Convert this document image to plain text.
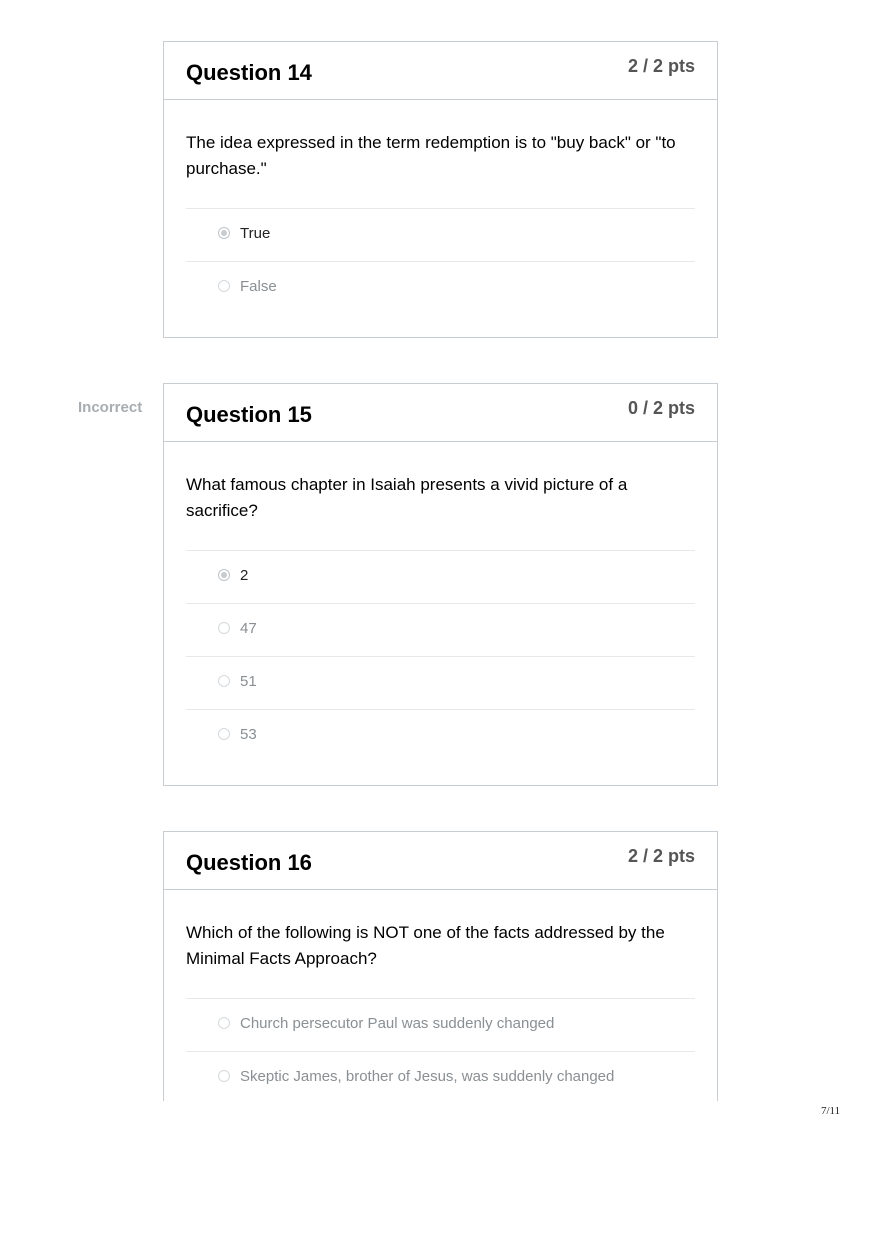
Question 14	2 / 2 pts
The idea expressed in the term redemption is to "buy back" or "to purchase."
True
False
Incorrect Question 15	0 / 2 pts
What famous chapter in Isaiah presents a vivid picture of a sacrifice?
2
47
51
53
Question 16	2 / 2 pts
Which of the following is NOT one of the facts addressed by the Minimal Facts Approach?
Church persecutor Paul was suddenly changed
Skeptic James, brother of Jesus, was suddenly changed
7/11
